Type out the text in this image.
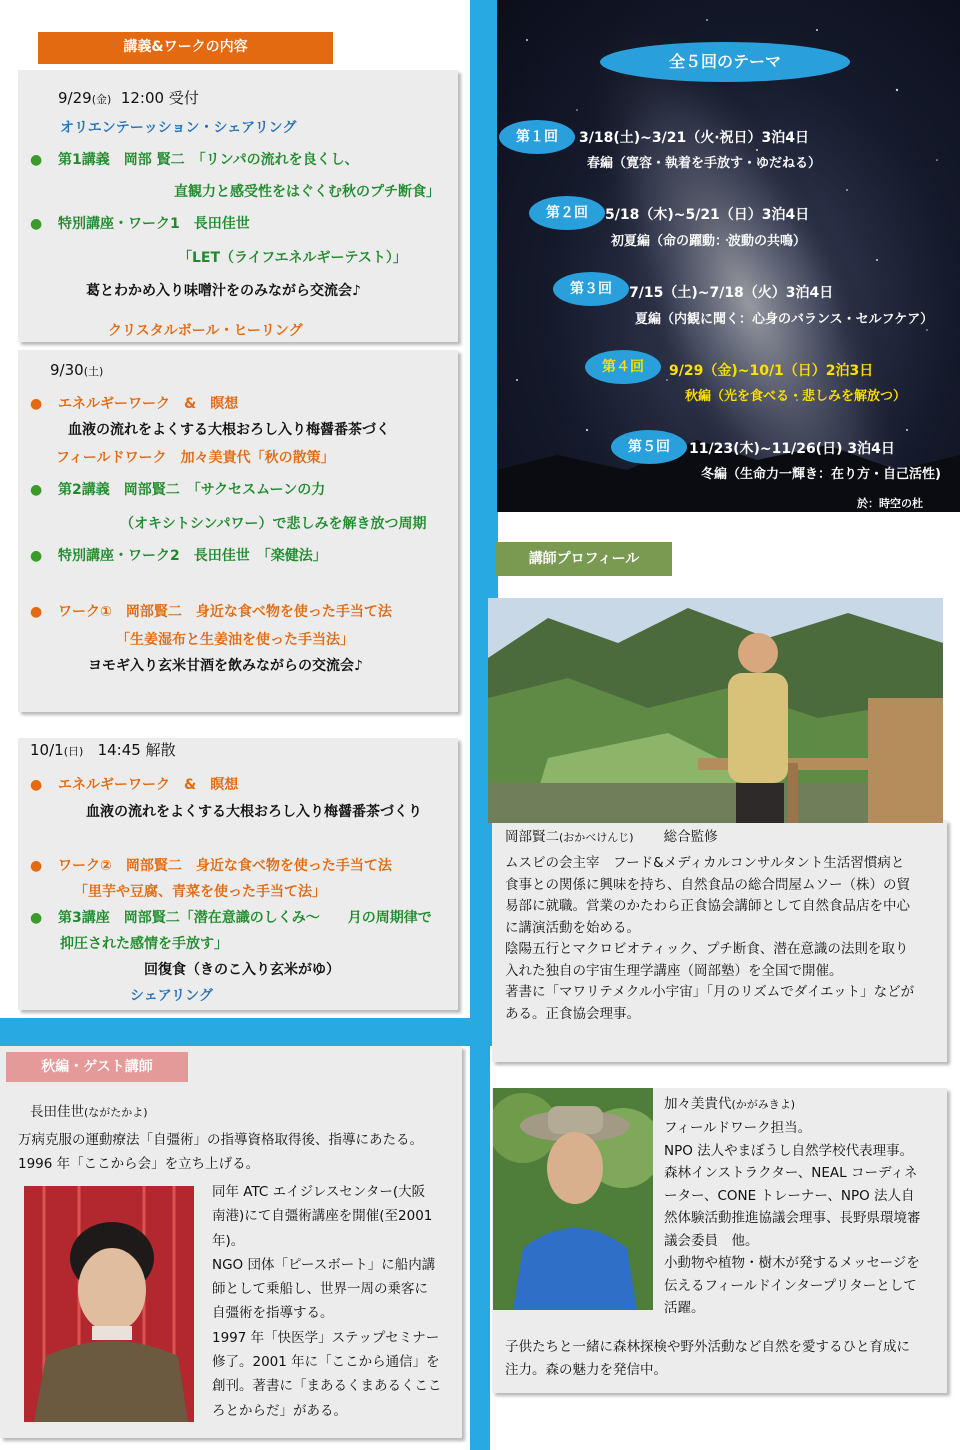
講義&ワークの内容
9/29(金) 12:00 受付
オリエンテーッション・シェアリング
●第1講義　岡部 賢二　「リンパの流れを良くし、
直観力と感受性をはぐくむ秋のプチ断食」
●特別講座・ワーク1　長田佳世
「LET（ライフエネルギーテスト）」
葛とわかめ入り味噌汁をのみながら交流会♪
クリスタルボール・ヒーリング
9/30(土)
●エネルギーワーク　&　瞑想
血液の流れをよくする大根おろし入り梅醤番茶づく
フィールドワーク　加々美貴代「秋の散策」
●第2講義　岡部賢二　「サクセスムーンの力
（オキシトシンパワー）で悲しみを解き放つ周期
●特別講座・ワーク2　長田佳世　「楽健法」
●ワーク①　岡部賢二　身近な食べ物を使った手当て法
「生姜湿布と生姜油を使った手当法」
ヨモギ入り玄米甘酒を飲みながらの交流会♪
10/1(日) 14:45 解散
●エネルギーワーク　&　瞑想
血液の流れをよくする大根おろし入り梅醤番茶づくり
●ワーク②　岡部賢二　身近な食べ物を使った手当て法
「里芋や豆腐、青菜を使った手当て法」
●第3講座　岡部賢二「潜在意識のしくみ～　　月の周期律で
抑圧された感情を手放す」
回復食（きのこ入り玄米がゆ）
シェアリング
全５回のテーマ
第１回	3/18(土)~3/21（火·祝日）3泊4日
春編（寛容・執着を手放す・ゆだねる）
第２回	5/18（木)~5/21（日）3泊4日
初夏編（命の躍動：波動の共鳴）
第３回	7/15（土)~7/18（火）3泊4日
夏編（内観に聞く：心身のバランス・セルフケア）
第４回	9/29（金)~10/1（日）2泊3日
秋編（光を食べる・悲しみを解放つ）
第５回	11/23(木)~11/26(日) 3泊4日
冬編（生命力一輝き：在り方・自己活性)
於：時空の杜
講師プロフィール
岡部賢二(おかべけんじ) 総合監修
ムスビの会主宰　フード&メディカルコンサルタント生活習慣病と
食事との関係に興味を持ち、自然食品の総合問屋ムソー（株）の貿
易部に就職。営業のかたわら正食協会講師として自然食品店を中心
に講演活動を始める。
陰陽五行とマクロビオティック、プチ断食、潜在意識の法則を取り
入れた独自の宇宙生理学講座（岡部塾）を全国で開催。
著書に「マワリテメクル小宇宙」「月のリズムでダイエット」などが
ある。正食協会理事。
加々美貴代(かがみきよ)
フィールドワーク担当。
NPO 法人やまぼうし自然学校代表理事。
森林インストラクター、NEAL コーディネ
ーター、CONE トレーナー、NPO 法人自
然体験活動推進協議会理事、長野県環境審
議会委員　他。
小動物や植物・樹木が発するメッセージを
伝えるフィールドインタープリターとして
活躍。
子供たちと一緒に森林探検や野外活動など自然を愛するひと育成に
注力。森の魅力を発信中。
秋編・ゲスト講師
長田佳世(ながたかよ)
万病克服の運動療法「自彊術」の指導資格取得後、指導にあたる。
1996 年「ここから会」を立ち上げる。
同年 ATC エイジレスセンター(大阪
南港)にて自彊術講座を開催(至2001
年)。
NGO 団体「ピースボート」に船内講
師として乗船し、世界一周の乗客に
自彊術を指導する。
1997 年「快医学」ステップセミナー
修了。2001 年に「ここから通信」を
創刊。著書に「まあるくまあるくここ
ろとからだ」がある。
